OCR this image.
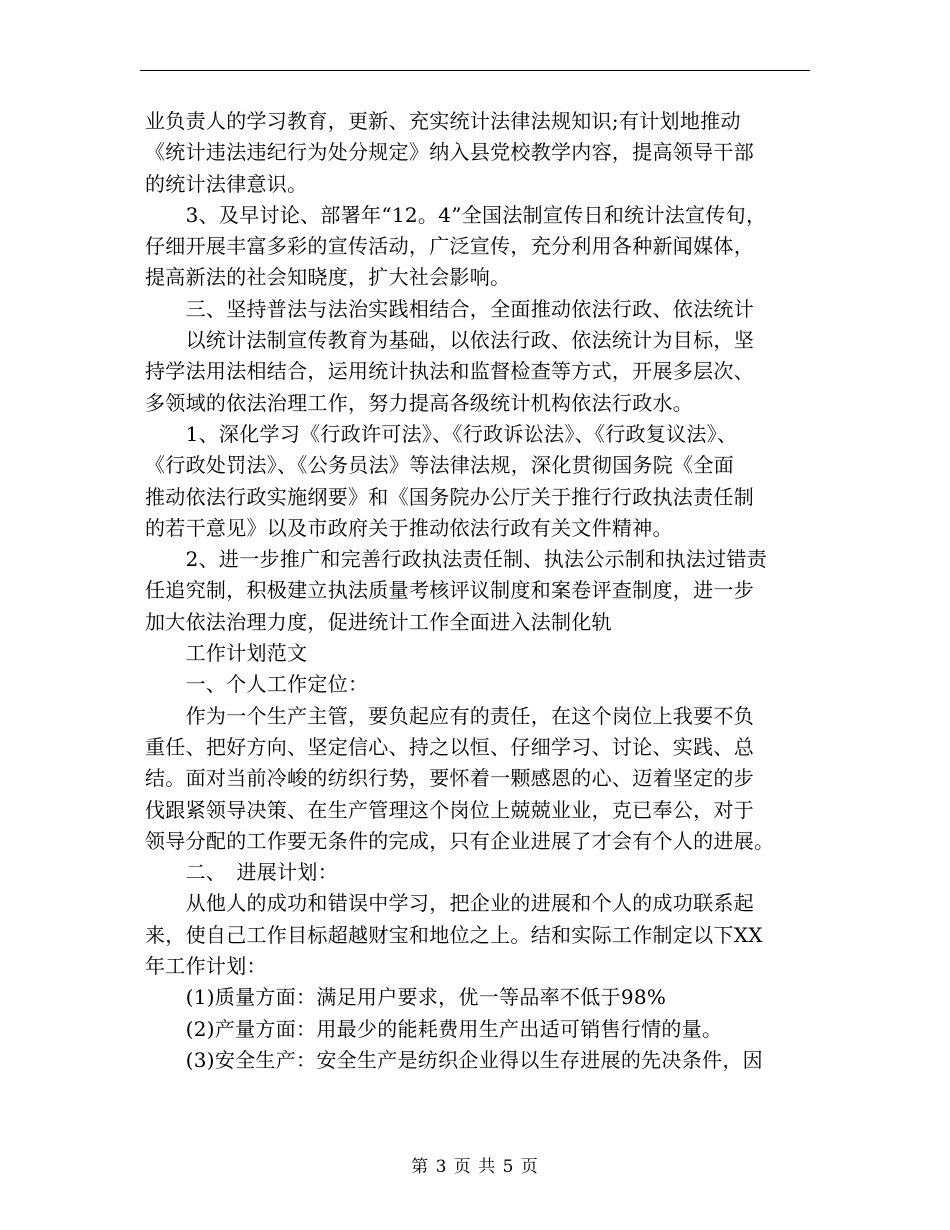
业负责人的学习教育，更新、充实统计法律法规知识;有计划地推动
《统计违法违纪行为处分规定》纳入县党校教学内容，提高领导干部
的统计法律意识。
　　3、及早讨论、部署年“12。4”全国法制宣传日和统计法宣传旬，
仔细开展丰富多彩的宣传活动，广泛宣传，充分利用各种新闻媒体，
提高新法的社会知晓度，扩大社会影响。
　　三、坚持普法与法治实践相结合，全面推动依法行政、依法统计
　　以统计法制宣传教育为基础，以依法行政、依法统计为目标，坚
持学法用法相结合，运用统计执法和监督检查等方式，开展多层次、
多领域的依法治理工作，努力提高各级统计机构依法行政水。
　　1、深化学习《行政许可法》、《行政诉讼法》、《行政复议法》、
《行政处罚法》、《公务员法》等法律法规，深化贯彻国务院《全面
推动依法行政实施纲要》和《国务院办公厅关于推行行政执法责任制
的若干意见》以及市政府关于推动依法行政有关文件精神。
　　2、进一步推广和完善行政执法责任制、执法公示制和执法过错责
任追究制，积极建立执法质量考核评议制度和案卷评查制度，进一步
加大依法治理力度，促进统计工作全面进入法制化轨
　　工作计划范文
　　一、个人工作定位：
　　作为一个生产主管，要负起应有的责任，在这个岗位上我要不负
重任、把好方向、坚定信心、持之以恒、仔细学习、讨论、实践、总
结。面对当前冷峻的纺织行势，要怀着一颗感恩的心、迈着坚定的步
伐跟紧领导决策、在生产管理这个岗位上兢兢业业，克已奉公，对于
领导分配的工作要无条件的完成，只有企业进展了才会有个人的进展。
　　二、　进展计划：
　　从他人的成功和错误中学习，把企业的进展和个人的成功联系起
来，使自己工作目标超越财宝和地位之上。结和实际工作制定以下XX
年工作计划：
　　(1)质量方面：满足用户要求，优一等品率不低于98%
　　(2)产量方面：用最少的能耗费用生产出适可销售行情的量。
　　(3)安全生产：安全生产是纺织企业得以生存进展的先决条件，因
第 3 页 共 5 页
